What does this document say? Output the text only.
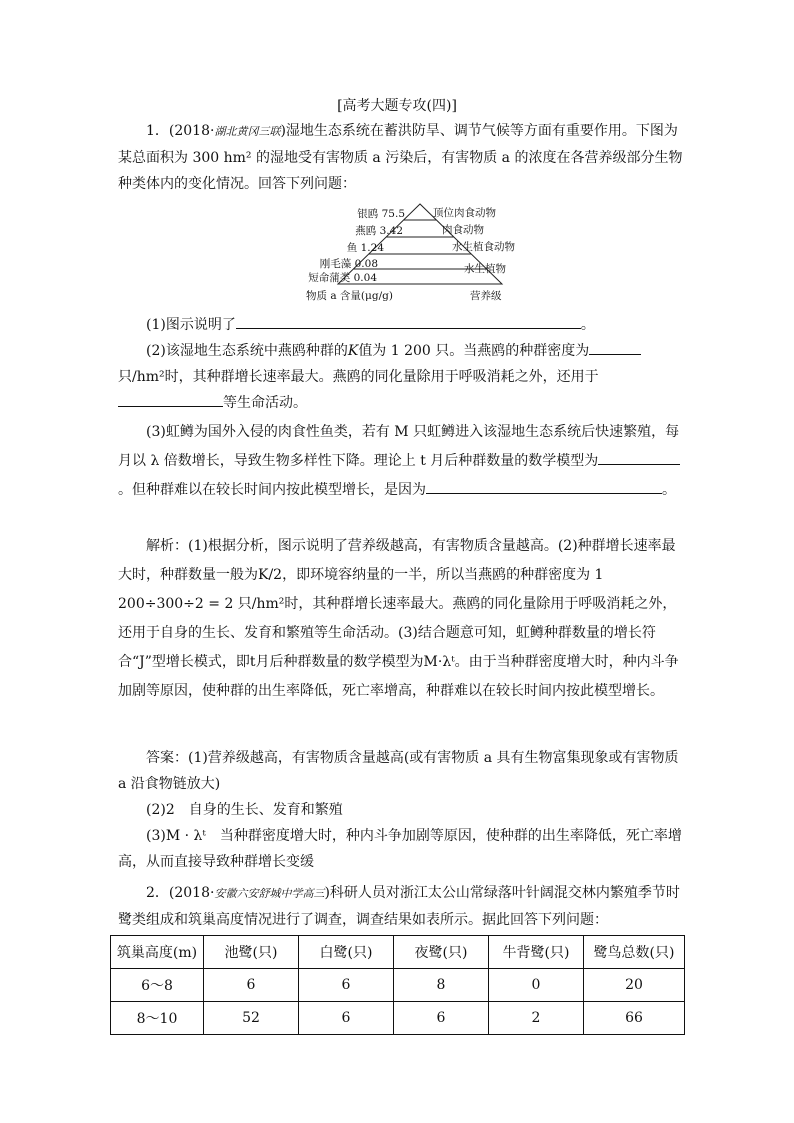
[高考大题专攻(四)]
1．(2018·湖北黄冈三联)湿地生态系统在蓄洪防旱、调节气候等方面有重要作用。下图为某总面积为 300 hm² 的湿地受有害物质 a 污染后，有害物质 a 的浓度在各营养级部分生物种类体内的变化情况。回答下列问题：
银鸥 75.5
燕鸥 3.42
鱼 1.24
刚毛藻 0.08
短命蒲类 0.04
顶位肉食动物
肉食动物
水生植食动物
水生植物
物质 a 含量(μg/g)	营养级
(1)图示说明了	。
(2)该湿地生态系统中燕鸥种群的K值为 1 200 只。当燕鸥的种群密度为只/hm²时，其种群增长速率最大。燕鸥的同化量除用于呼吸消耗之外，还用于等生命活动。
(3)虹鳟为国外入侵的肉食性鱼类，若有 M 只虹鳟进入该湿地生态系统后快速繁殖，每月以 λ 倍数增长，导致生物多样性下降。理论上 t 月后种群数量的数学模型为。但种群难以在较长时间内按此模型增长，是因为	。
解析：(1)根据分析，图示说明了营养级越高，有害物质含量越高。(2)种群增长速率最大时，种群数量一般为K/2，即环境容纳量的一半，所以当燕鸥的种群密度为 1 200÷300÷2 = 2 只/hm²时，其种群增长速率最大。燕鸥的同化量除用于呼吸消耗之外，还用于自身的生长、发育和繁殖等生命活动。(3)结合题意可知，虹鳟种群数量的增长符合“J”型增长模式，即t月后种群数量的数学模型为M·λᵗ。由于当种群密度增大时，种内斗争加剧等原因，使种群的出生率降低，死亡率增高，种群难以在较长时间内按此模型增长。
答案：(1)营养级越高，有害物质含量越高(或有害物质 a 具有生物富集现象或有害物质 a 沿食物链放大)
(2)2　自身的生长、发育和繁殖
(3)M · λᵗ　当种群密度增大时，种内斗争加剧等原因，使种群的出生率降低，死亡率增高，从而直接导致种群增长变缓
2．(2018·安徽六安舒城中学高三)科研人员对浙江太公山常绿落叶针阔混交林内繁殖季节时鹭类组成和筑巢高度情况进行了调查，调查结果如表所示。据此回答下列问题：
筑巢高度(m)	池鹭(只)	白鹭(只)	夜鹭(只)	牛背鹭(只)	鹭鸟总数(只)
6～8	6	6	8	0	20
8～10	52	6	6	2	66
